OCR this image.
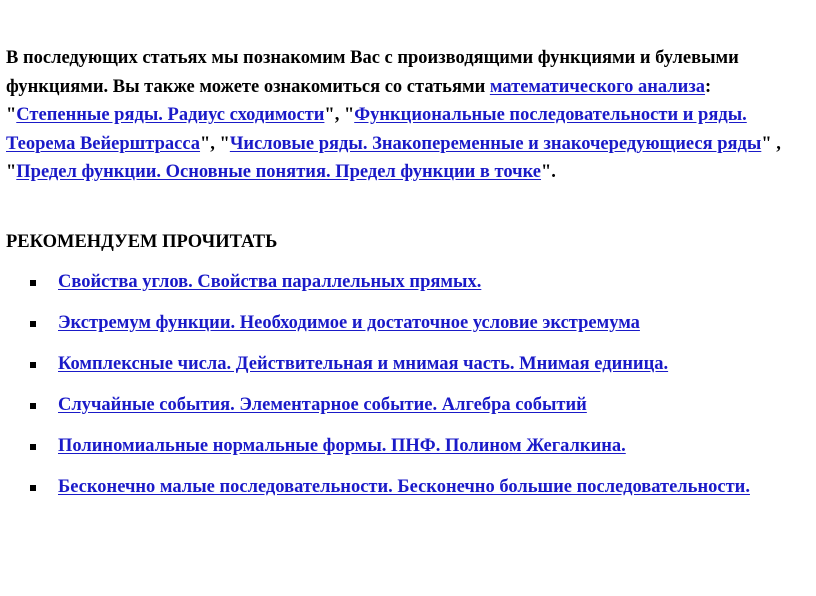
В последующих статьях мы познакомим Вас с производящими функциями и булевыми функциями. Вы также можете ознакомиться со статьями математического анализа: "Степенные ряды. Радиус сходимости", "Функциональные последовательности и ряды. Теорема Вейерштрасса", "Числовые ряды. Знакопеременные и знакочередующиеся ряды" , "Предел функции. Основные понятия. Предел функции в точке".

РЕКОМЕНДУЕМ ПРОЧИТАТЬ
Свойства углов. Свойства параллельных прямых.
Экстремум функции. Необходимое и достаточное условие экстремума
Комплексные числа. Действительная и мнимая часть. Мнимая единица.
Случайные события. Элементарное событие. Алгебра событий
Полиномиальные нормальные формы. ПНФ. Полином Жегалкина.
Бесконечно малые последовательности. Бесконечно большие последовательности.
